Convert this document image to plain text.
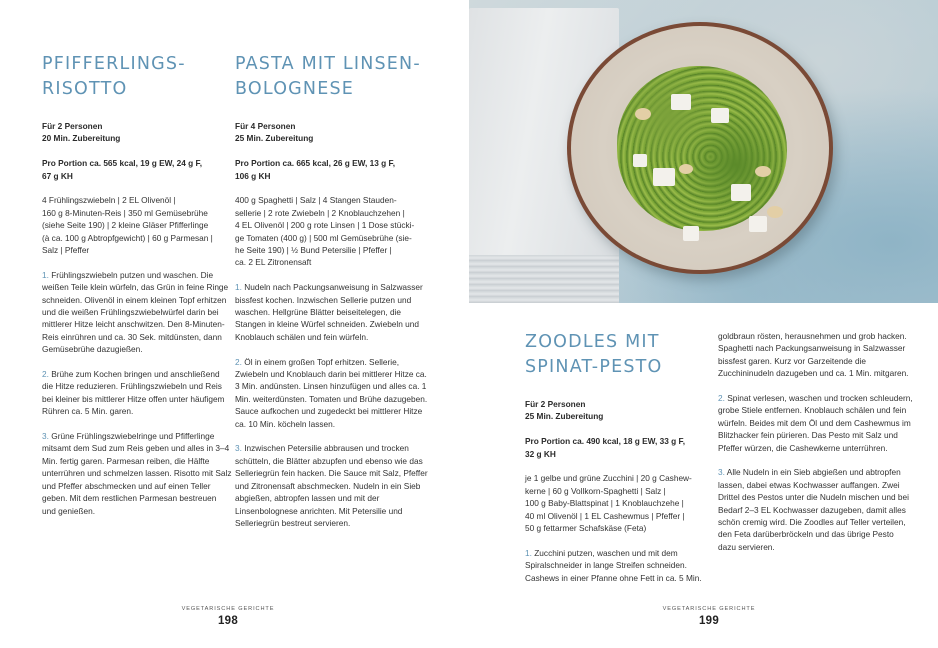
PFIFFERLINGS-
RISOTTO
Für 2 Personen
20 Min. Zubereitung
Pro Portion ca. 565 kcal, 19 g EW, 24 g F,
67 g KH
4 Frühlingszwiebeln | 2 EL Olivenöl |
160 g 8-Minuten-Reis | 350 ml Gemüsebrühe
(siehe Seite 190) | 2 kleine Gläser Pfifferlinge
(à ca. 100 g Abtropfgewicht) | 60 g Parmesan |
Salz | Pfeffer

1. Frühlingszwiebeln putzen und waschen. Die weißen Teile klein würfeln, das Grün in feine Ringe schneiden. Olivenöl in einem kleinen Topf erhitzen und die weißen Frühlingszwiebelwürfel darin bei mittlerer Hitze leicht anschwitzen. Den 8-Minuten-Reis einrühren und ca. 30 Sek. mitdünsten, dann Gemüsebrühe dazugießen.

2. Brühe zum Kochen bringen und anschließend die Hitze reduzieren. Frühlingszwiebeln und Reis bei kleiner bis mittlerer Hitze offen unter häufigem Rühren ca. 5 Min. garen.

3. Grüne Frühlingszwiebelringe und Pfifferlinge mitsamt dem Sud zum Reis geben und alles in 3–4 Min. fertig garen. Parmesan reiben, die Hälfte unterrühren und schmelzen lassen. Risotto mit Salz und Pfeffer abschmecken und auf einen Teller geben. Mit dem restlichen Parmesan bestreuen und genießen.

PASTA MIT LINSEN-
BOLOGNESE
Für 4 Personen
25 Min. Zubereitung
Pro Portion ca. 665 kcal, 26 g EW, 13 g F,
106 g KH
400 g Spaghetti | Salz | 4 Stangen Stauden-
sellerie | 2 rote Zwiebeln | 2 Knoblauchzehen |
4 EL Olivenöl | 200 g rote Linsen | 1 Dose stücki-
ge Tomaten (400 g) | 500 ml Gemüsebrühe (sie-
he Seite 190) | ½ Bund Petersilie | Pfeffer |
ca. 2 EL Zitronensaft

1. Nudeln nach Packungsanweisung in Salzwasser bissfest kochen. Inzwischen Sellerie putzen und waschen. Hellgrüne Blätter beiseitelegen, die Stangen in kleine Würfel schneiden. Zwiebeln und Knoblauch schälen und fein würfeln.

2. Öl in einem großen Topf erhitzen. Sellerie, Zwiebeln und Knoblauch darin bei mittlerer Hitze ca. 3 Min. andünsten. Linsen hinzufügen und alles ca. 1 Min. weiterdünsten. Tomaten und Brühe dazugeben. Sauce aufkochen und zugedeckt bei mittlerer Hitze ca. 10 Min. köcheln lassen.

3. Inzwischen Petersilie abbrausen und trocken schütteln, die Blätter abzupfen und ebenso wie das Selleriegrün fein hacken. Die Sauce mit Salz, Pfeffer und Zitronensaft abschmecken. Nudeln in ein Sieb abgießen, abtropfen lassen und mit der Linsenbolognese anrichten. Mit Petersilie und Selleriegrün bestreut servieren.

VEGETARISCHE GERICHTE
198
ZOODLES MIT
SPINAT-PESTO
Für 2 Personen
25 Min. Zubereitung
Pro Portion ca. 490 kcal, 18 g EW, 33 g F,
32 g KH
je 1 gelbe und grüne Zucchini | 20 g Cashew-
kerne | 60 g Vollkorn-Spaghetti | Salz |
100 g Baby-Blattspinat | 1 Knoblauchzehe |
40 ml Olivenöl | 1 EL Cashewmus | Pfeffer |
50 g fettarmer Schafskäse (Feta)

1. Zucchini putzen, waschen und mit dem Spiralschneider in lange Streifen schneiden. Cashews in einer Pfanne ohne Fett in ca. 5 Min.

goldbraun rösten, herausnehmen und grob hacken. Spaghetti nach Packungsanweisung in Salzwasser bissfest garen. Kurz vor Garzeitende die Zucchininudeln dazugeben und ca. 1 Min. mitgaren.

2. Spinat verlesen, waschen und trocken schleudern, grobe Stiele entfernen. Knoblauch schälen und fein würfeln. Beides mit dem Öl und dem Cashewmus im Blitzhacker fein pürieren. Das Pesto mit Salz und Pfeffer würzen, die Cashewkerne unterrühren.

3. Alle Nudeln in ein Sieb abgießen und abtropfen lassen, dabei etwas Kochwasser auffangen. Zwei Drittel des Pestos unter die Nudeln mischen und bei Bedarf 2–3 EL Kochwasser dazugeben, damit alles schön cremig wird. Die Zoodles auf Teller verteilen, den Feta darüberbröckeln und das übrige Pesto dazu servieren.

VEGETARISCHE GERICHTE
199
